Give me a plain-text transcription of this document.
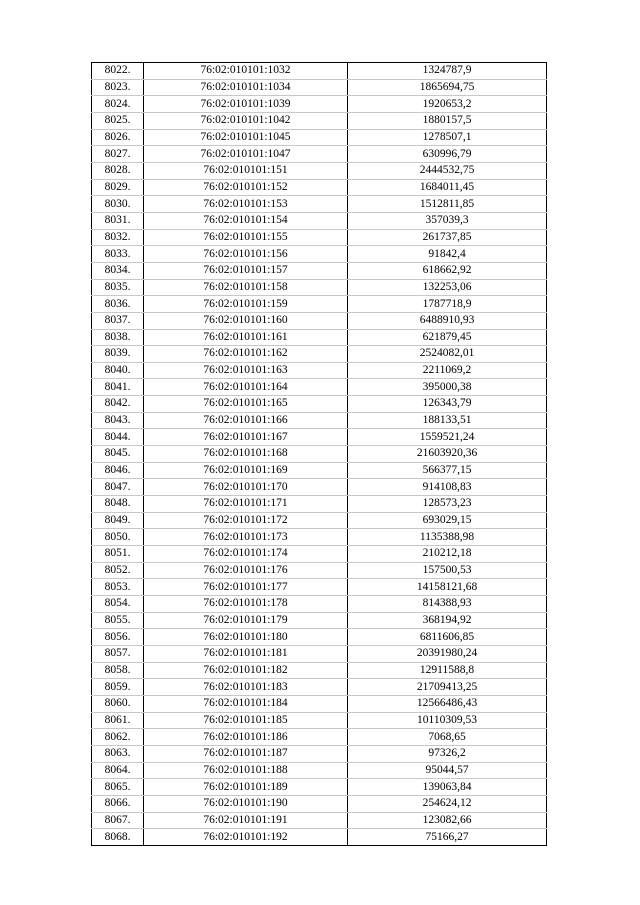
8022.	76:02:010101:1032	1324787,9
8023.	76:02:010101:1034	1865694,75
8024.	76:02:010101:1039	1920653,2
8025.	76:02:010101:1042	1880157,5
8026.	76:02:010101:1045	1278507,1
8027.	76:02:010101:1047	630996,79
8028.	76:02:010101:151	2444532,75
8029.	76:02:010101:152	1684011,45
8030.	76:02:010101:153	1512811,85
8031.	76:02:010101:154	357039,3
8032.	76:02:010101:155	261737,85
8033.	76:02:010101:156	91842,4
8034.	76:02:010101:157	618662,92
8035.	76:02:010101:158	132253,06
8036.	76:02:010101:159	1787718,9
8037.	76:02:010101:160	6488910,93
8038.	76:02:010101:161	621879,45
8039.	76:02:010101:162	2524082,01
8040.	76:02:010101:163	2211069,2
8041.	76:02:010101:164	395000,38
8042.	76:02:010101:165	126343,79
8043.	76:02:010101:166	188133,51
8044.	76:02:010101:167	1559521,24
8045.	76:02:010101:168	21603920,36
8046.	76:02:010101:169	566377,15
8047.	76:02:010101:170	914108,83
8048.	76:02:010101:171	128573,23
8049.	76:02:010101:172	693029,15
8050.	76:02:010101:173	1135388,98
8051.	76:02:010101:174	210212,18
8052.	76:02:010101:176	157500,53
8053.	76:02:010101:177	14158121,68
8054.	76:02:010101:178	814388,93
8055.	76:02:010101:179	368194,92
8056.	76:02:010101:180	6811606,85
8057.	76:02:010101:181	20391980,24
8058.	76:02:010101:182	12911588,8
8059.	76:02:010101:183	21709413,25
8060.	76:02:010101:184	12566486,43
8061.	76:02:010101:185	10110309,53
8062.	76:02:010101:186	7068,65
8063.	76:02:010101:187	97326,2
8064.	76:02:010101:188	95044,57
8065.	76:02:010101:189	139063,84
8066.	76:02:010101:190	254624,12
8067.	76:02:010101:191	123082,66
8068.	76:02:010101:192	75166,27
